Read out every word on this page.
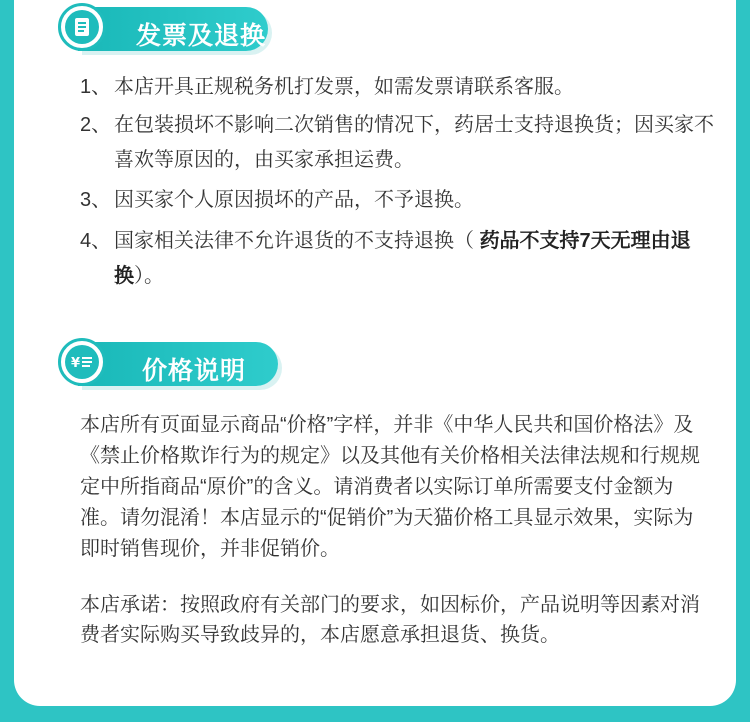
发票及退换
1、 本店开具正规税务机打发票，如需发票请联系客服。
2、 在包装损坏不影响二次销售的情况下，药居士支持退换货；因买家不喜欢等原因的，由买家承担运费。
3、 因买家个人原因损坏的产品，不予退换。
4、 国家相关法律不允许退货的不支持退换（ 药品不支持7天无理由退换）。
价格说明
¥

本店所有页面显示商品“价格”字样，并非《中华人民共和国价格法》及《禁止价格欺诈行为的规定》以及其他有关价格相关法律法规和行规规定中所指商品“原价”的含义。请消费者以实际订单所需要支付金额为准。请勿混淆！本店显示的“促销价”为天猫价格工具显示效果，实际为即时销售现价，并非促销价。

本店承诺：按照政府有关部门的要求，如因标价，产品说明等因素对消费者实际购买导致歧异的，本店愿意承担退货、换货。
